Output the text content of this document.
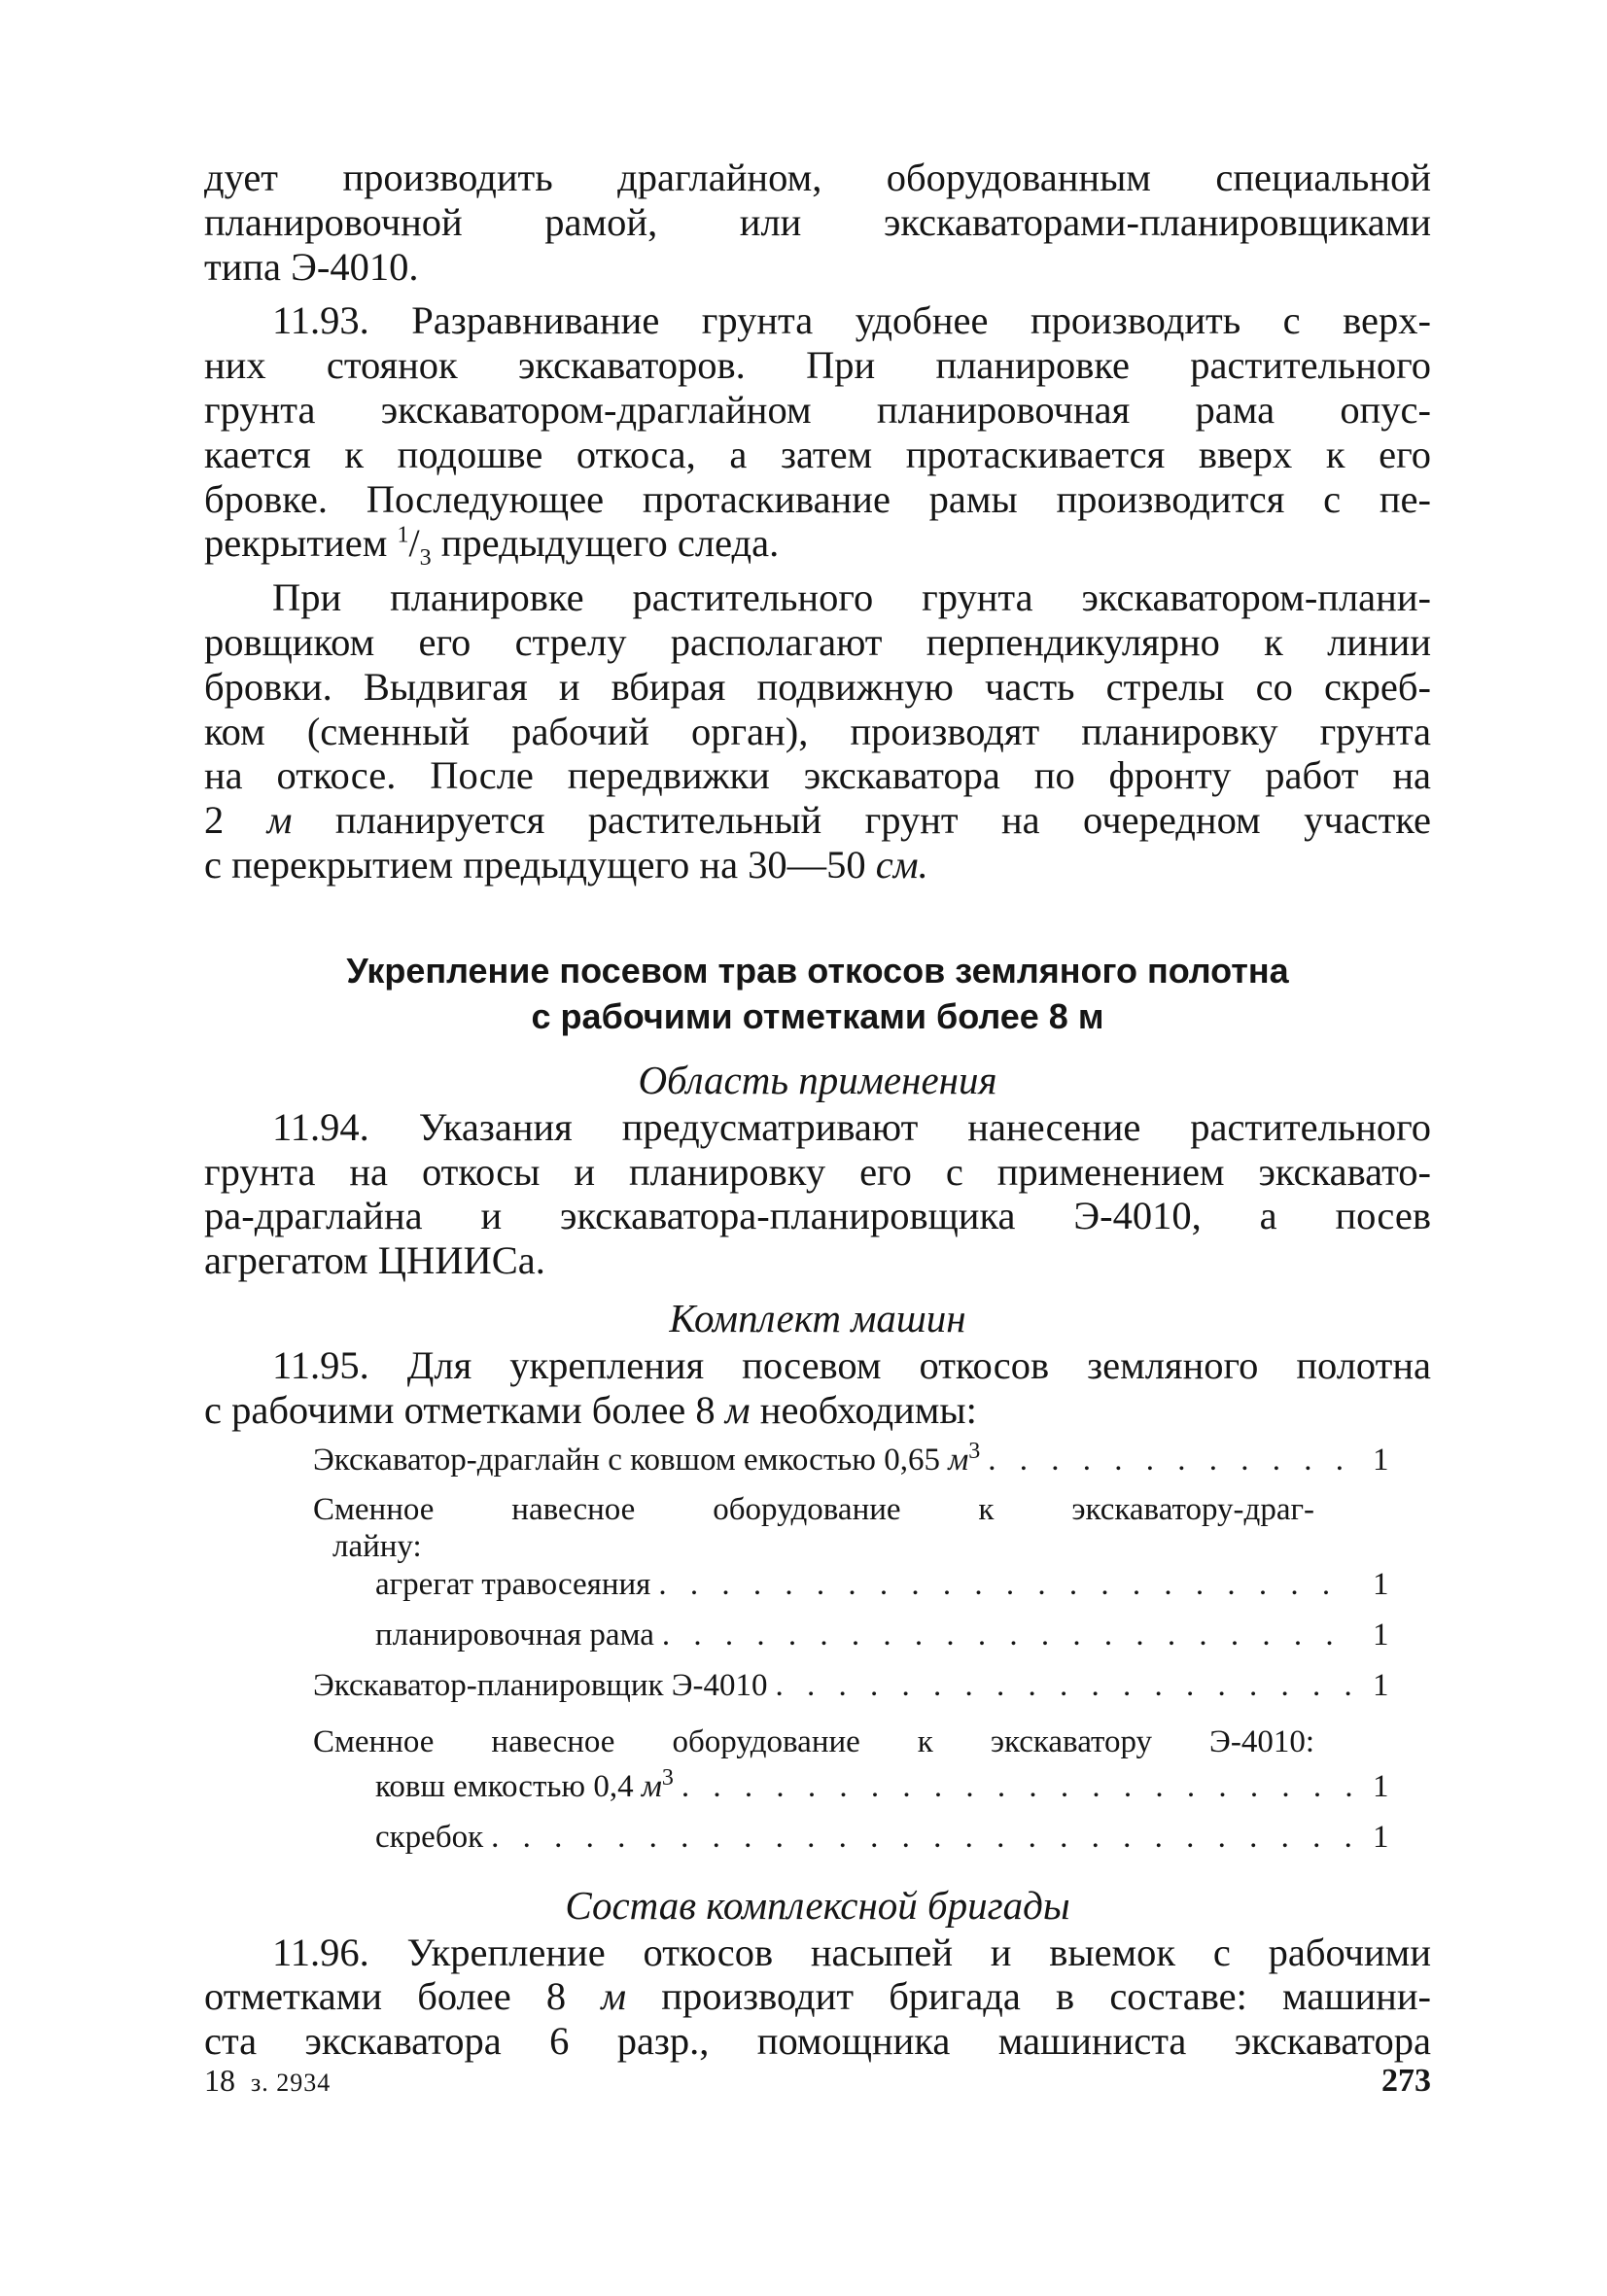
дует производить драглайном, оборудованным специальной
планировочной рамой, или экскаваторами-планировщиками
типа Э-4010.

11.93. Разравнивание грунта удобнее производить с верх-
них стоянок экскаваторов. При планировке растительного
грунта экскаватором-драглайном планировочная рама опус-
кается к подошве откоса, а затем протаскивается вверх к его
бровке. Последующее протаскивание рамы производится с пе-
рекрытием $^1/_3$ предыдущего следа.

При планировке растительного грунта экскаватором-плани-
ровщиком его стрелу располагают перпендикулярно к линии
бровки. Выдвигая и вбирая подвижную часть стрелы со скреб-
ком (сменный рабочий орган), производят планировку грунта
на откосе. После передвижки экскаватора по фронту работ на
2 м планируется растительный грунт на очередном участке
с перекрытием предыдущего на 30—50 см.

Укрепление посевом трав откосов земляного полотна

с рабочими отметками более 8 м

Область применения

11.94. Указания предусматривают нанесение растительного
грунта на откосы и планировку его с применением экскавато-
ра-драглайна и экскаватора-планировщика Э-4010, а посев
агрегатом ЦНИИСа.

Комплект машин

11.95. Для укрепления посевом откосов земляного полотна
с рабочими отметками более 8 м необходимы:

Экскаватор-драглайн с ковшом емкостью 0,65 $м^3$ . . .	1
Сменное навесное оборудование к экскаватору-драг-
лайну:
агрегат травосеяния . . .	1
планировочная рама . . .	1
Экскаватор-планировщик Э-4010 . . .	1
Сменное навесное оборудование к экскаватору Э-4010:
ковш емкостью 0,4 $м^3$ . . .	1
скребок . . .	1

Состав комплексной бригады

11.96. Укрепление откосов насыпей и выемок с рабочими
отметками более 8 м производит бригада в составе: машини-
ста экскаватора 6 разр., помощника машиниста экскаватора

18 з. 2934	273
